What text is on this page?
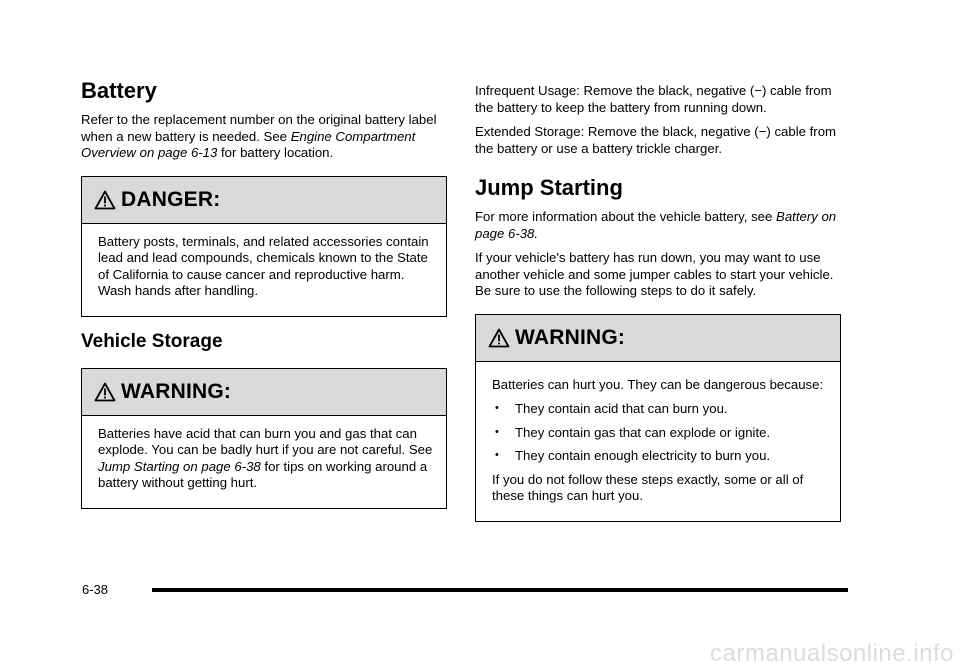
Battery

Refer to the replacement number on the original battery label when a new battery is needed. See Engine Compartment Overview on page 6-13 for battery location.

DANGER:

Battery posts, terminals, and related accessories contain lead and lead compounds, chemicals known to the State of California to cause cancer and reproductive harm. Wash hands after handling.

Vehicle Storage
WARNING:

Batteries have acid that can burn you and gas that can explode. You can be badly hurt if you are not careful. See Jump Starting on page 6-38 for tips on working around a battery without getting hurt.

Infrequent Usage: Remove the black, negative (−) cable from the battery to keep the battery from running down.

Extended Storage: Remove the black, negative (−) cable from the battery or use a battery trickle charger.

Jump Starting

For more information about the vehicle battery, see Battery on page 6-38.

If your vehicle's battery has run down, you may want to use another vehicle and some jumper cables to start your vehicle. Be sure to use the following steps to do it safely.

WARNING:

Batteries can hurt you. They can be dangerous because:

• They contain acid that can burn you.
• They contain gas that can explode or ignite.
• They contain enough electricity to burn you.

If you do not follow these steps exactly, some or all of these things can hurt you.

6-38
carmanualsonline.info
